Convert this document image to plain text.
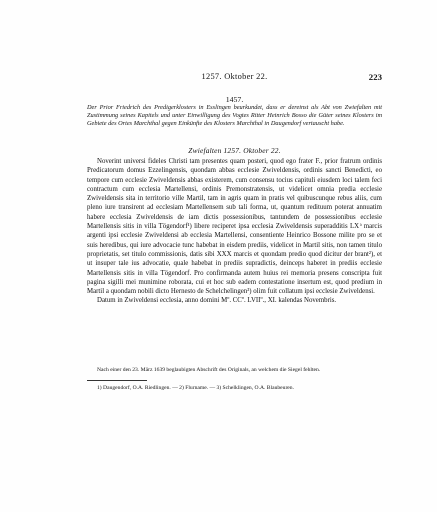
1257. Oktober 22.	223
1457.
Der Prior Friedrich des Predigerklosters in Esslingen beurkundet, dass er dereinst als Abt von Zwiefalten mit Zustimmung seines Kapitels und unter Einwilligung des Vogtes Ritter Heinrich Bosso die Güter seines Klosters im Gebiete des Ortes Marchthal gegen Einkünfte des Klosters Marchthal in Daugendorf vertauscht habe.
Zwiefalten 1257. Oktober 22.

Noverint universi fideles Christi tam presentes quam posteri, quod ego frater F., prior fratrum ordinis Predicatorum domus Ezzelingensis, quondam abbas ecclesie Zwiveldensis, ordinis sancti Benedicti, eo tempore cum ecclesie Zwiveldensis abbas existerem, cum consensu tocius capituli eiusdem loci talem feci contractum cum ecclesia Martellensi, ordinis Premonstratensis, ut videlicet omnia predia ecclesie Zwiveldensis sita in territorio ville Martil, tam in agris quam in pratis vel quibuscunque rebus aliis, cum pleno iure transirent ad ecclesiam Martellensem sub tali forma, ut, quantum redituum poterat annuatim habere ecclesia Zwiveldensis de iam dictis possessionibus, tantundem de possessionibus ecclesie Martellensis sitis in villa Tögendorf¹) libere reciperet ipsa ecclesia Zwiveldensis superadditis LX ͣ marcis argenti ipsi ecclesie Zwiveldensi ab ecclesia Martellensi, consentiente Heinrico Bossone milite pro se et suis heredibus, qui iure advocacie tunc habebat in eisdem prediis, videlicet in Martil sitis, non tamen titulo proprietatis, set titulo commissionis, datis sibi XXX marcis et quondam predio quod dicitur der brant²), et ut insuper tale ius advocatie, quale habebat in prediis supradictis, deinceps haberet in prediis ecclesie Martellensis sitis in villa Tögendorf. Pro confirmanda autem huius rei memoria presens conscripta fuit pagina sigilli mei munimine roborata, cui et hoc sub eadem contestatione insertum est, quod predium in Martil a quondam nobili dicto Hernesto de Schelchelingen³) olim fuit collatum ipsi ecclesie Zwiveldensi.

Datum in Zwiveldensi ecclesia, anno domini Mº. CCº. LVIIº., XI. kalendas Novembris.

Nach einer den 23. März 1639 beglaubigten Abschrift des Originals, an welchem die Siegel fehlten.
1) Daugendorf, O.A. Riedlingen. — 2) Flurname. — 3) Schelklingen, O.A. Blaubeuren.
